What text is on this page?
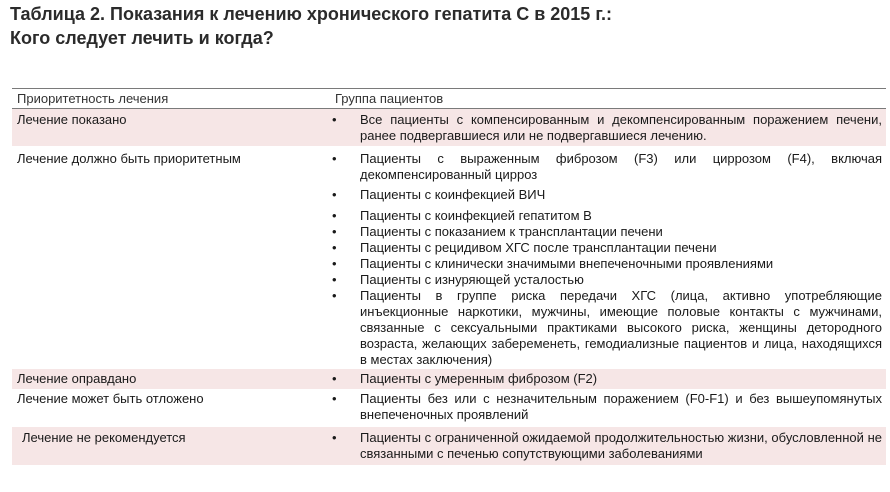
Таблица 2. Показания к лечению хронического гепатита С в 2015 г.:
Кого следует лечить и когда?
Приоритетность лечения	Группа пациентов
Лечение показано	•	Все пациенты с компенсированным и декомпенсированным поражением печени, ранее подвергавшиеся или не подвергавшиеся лечению.
Лечение должно быть приоритетным	•	Пациенты с выраженным фиброзом (F3) или циррозом (F4), включая декомпенсированный цирроз
•	Пациенты с коинфекцией ВИЧ
•	Пациенты с коинфекцией гепатитом В
•	Пациенты с показанием к трансплантации печени
•	Пациенты с рецидивом ХГС после трансплантации печени
•	Пациенты с клинически значимыми внепеченочными проявлениями
•	Пациенты с изнуряющей усталостью
•	Пациенты в группе риска передачи ХГС (лица, активно употребляющие инъекционные наркотики, мужчины, имеющие половые контакты с мужчинами, связанные с сексуальными практиками высокого риска, женщины детородного возраста, желающих забеременеть, гемодиализные пациентов и лица, находящихся в местах заключения)
Лечение оправдано	•	Пациенты с умеренным фиброзом (F2)
Лечение может быть отложено	•	Пациенты без или с незначительным поражением (F0-F1) и без вышеупомянутых внепеченочных проявлений
Лечение не рекомендуется	•	Пациенты с ограниченной ожидаемой продолжительностью жизни, обусловленной не связанными с печенью сопутствующими заболеваниями
